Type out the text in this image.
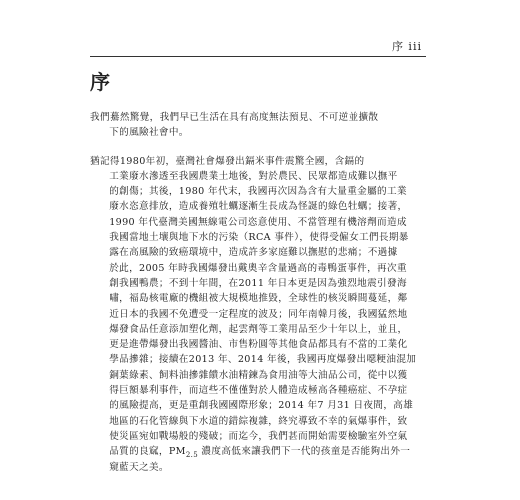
序 iii
序
我們驀然驚覺，我們早已生活在具有高度無法預見、不可逆並擴散
下的風險社會中。
猶記得1980年初，臺灣社會爆發出鎘米事件震驚全國，含鎘的
工業廢水滲透至我國農業土地後，對於農民、民眾都造成難以撫平
的創傷；其後，1980 年代末，我國再次因為含有大量重金屬的工業
廢水恣意排放，造成養殖牡蠣逐漸生長成為怪誕的綠色牡蠣；接著，
1990 年代臺灣美國無線電公司恣意使用、不當管理有機溶劑而造成
我國當地土壤與地下水的污染（RCA 事件），使得受僱女工們長期暴
露在高風險的致癌環境中，造成許多家庭難以撫慰的悲痛；不過據
於此，2005 年時我國爆發出戴奧辛含量過高的毒鴨蛋事件，再次重
創我國鴨農；不到十年間，在2011 年日本更是因為強烈地震引發海
嘯，福島核電廠的機組被大規模地推毀，全球性的核災瞬間蔓延，鄰
近日本的我國不免遭受一定程度的波及；同年南韓月後，我國猛然地
爆發食品任意添加塑化劑，起雲劑等工業用品至少十年以上，並且，
更是進帶爆發出我國醬油、市售粉圓等其他食品都具有不當的工業化
學品摻雜；接續在2013 年、2014 年後，我國再度爆發出噁粳油混加
銅葉綠素、飼料油摻雜饋水油精鍊為食用油等大油品公司，從中以獲
得巨額暴利事件，而這些不僅僅對於人體造成極高各種癌症、不孕症
的風險提高，更是重創我國國際形象；2014 年7 月31 日夜間，高雄
地區的石化管線與下水道的錯綜複雜，終究導致不幸的氣爆事件，致
使災區宛如戰場般的殘破；而迄今，我們甚而開始需要檢驗室外空氣
品質的良窳，$PM_{2.5}$ 濃度高低來讓我們下一代的孩童是否能夠出外一
窺藍天之美。
